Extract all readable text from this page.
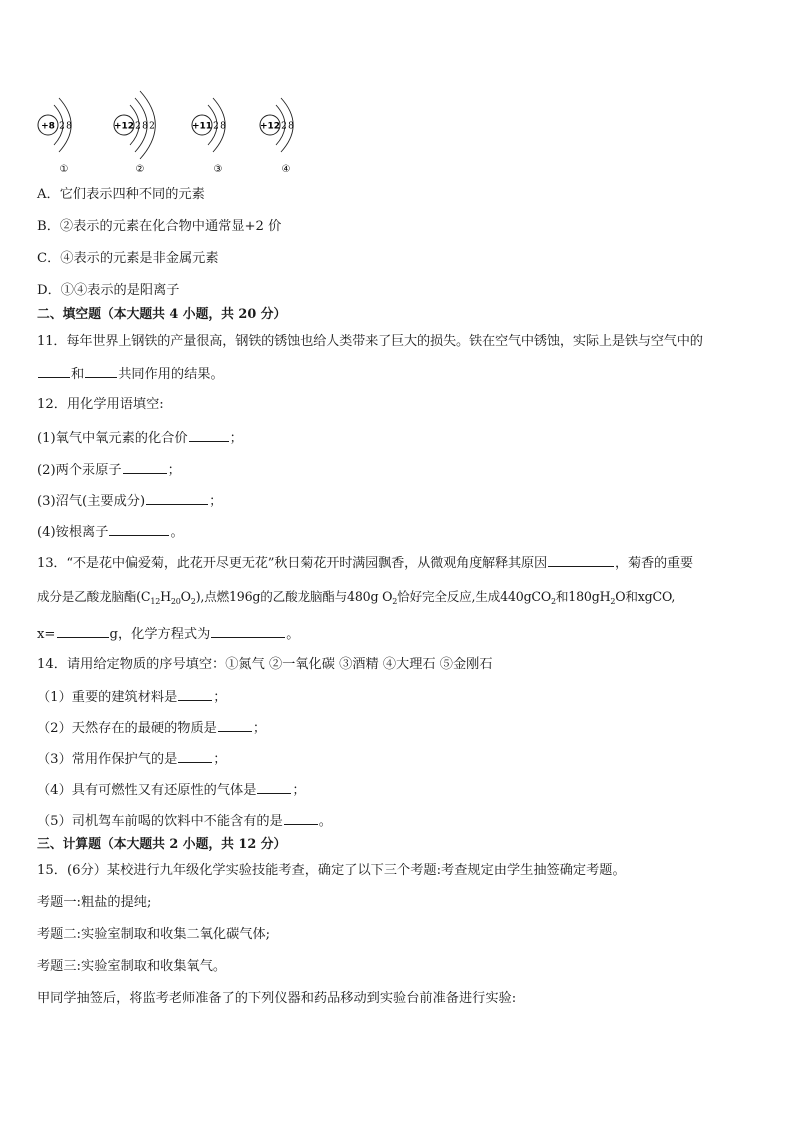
+8 2 8
①
+12 2 8 2
②
+11 2 8
③
+12 2 8
④
A．它们表示四种不同的元素
B．②表示的元素在化合物中通常显+2 价
C．④表示的元素是非金属元素
D．①④表示的是阳离子
二、填空题（本大题共 4 小题，共 20 分）
11．每年世界上钢铁的产量很高，钢铁的锈蚀也给人类带来了巨大的损失。铁在空气中锈蚀，实际上是铁与空气中的
和	共同作用的结果。
12．用化学用语填空:
(1)氧气中氧元素的化合价	；
(2)两个汞原子	；
(3)沼气(主要成分)	；
(4)铵根离子	。
13．“不是花中偏爱菊，此花开尽更无花”秋日菊花开时满园飘香，从微观角度解释其原因	，菊香的重要
成分是乙酸龙脑酯$(C_{12}H_{20}O_2)$,点燃196g的乙酸龙脑酯与480g $O_2$恰好完全反应,生成440gCO$_2$和$180gH_2O$和xgCO,
x=	g，化学方程式为	。
14．请用给定物质的序号填空：①氮气 ②一氧化碳 ③酒精 ④大理石 ⑤金刚石
（1）重要的建筑材料是	；
（2）天然存在的最硬的物质是	；
（3）常用作保护气的是	；
（4）具有可燃性又有还原性的气体是	；
（5）司机驾车前喝的饮料中不能含有的是	。
三、计算题（本大题共 2 小题，共 12 分）
15．(6分）某校进行九年级化学实验技能考查，确定了以下三个考题:考查规定由学生抽签确定考题。
考题一:粗盐的提纯;
考题二:实验室制取和收集二氧化碳气体;
考题三:实验室制取和收集氧气。
甲同学抽签后，将监考老师准备了的下列仪器和药品移动到实验台前准备进行实验:
